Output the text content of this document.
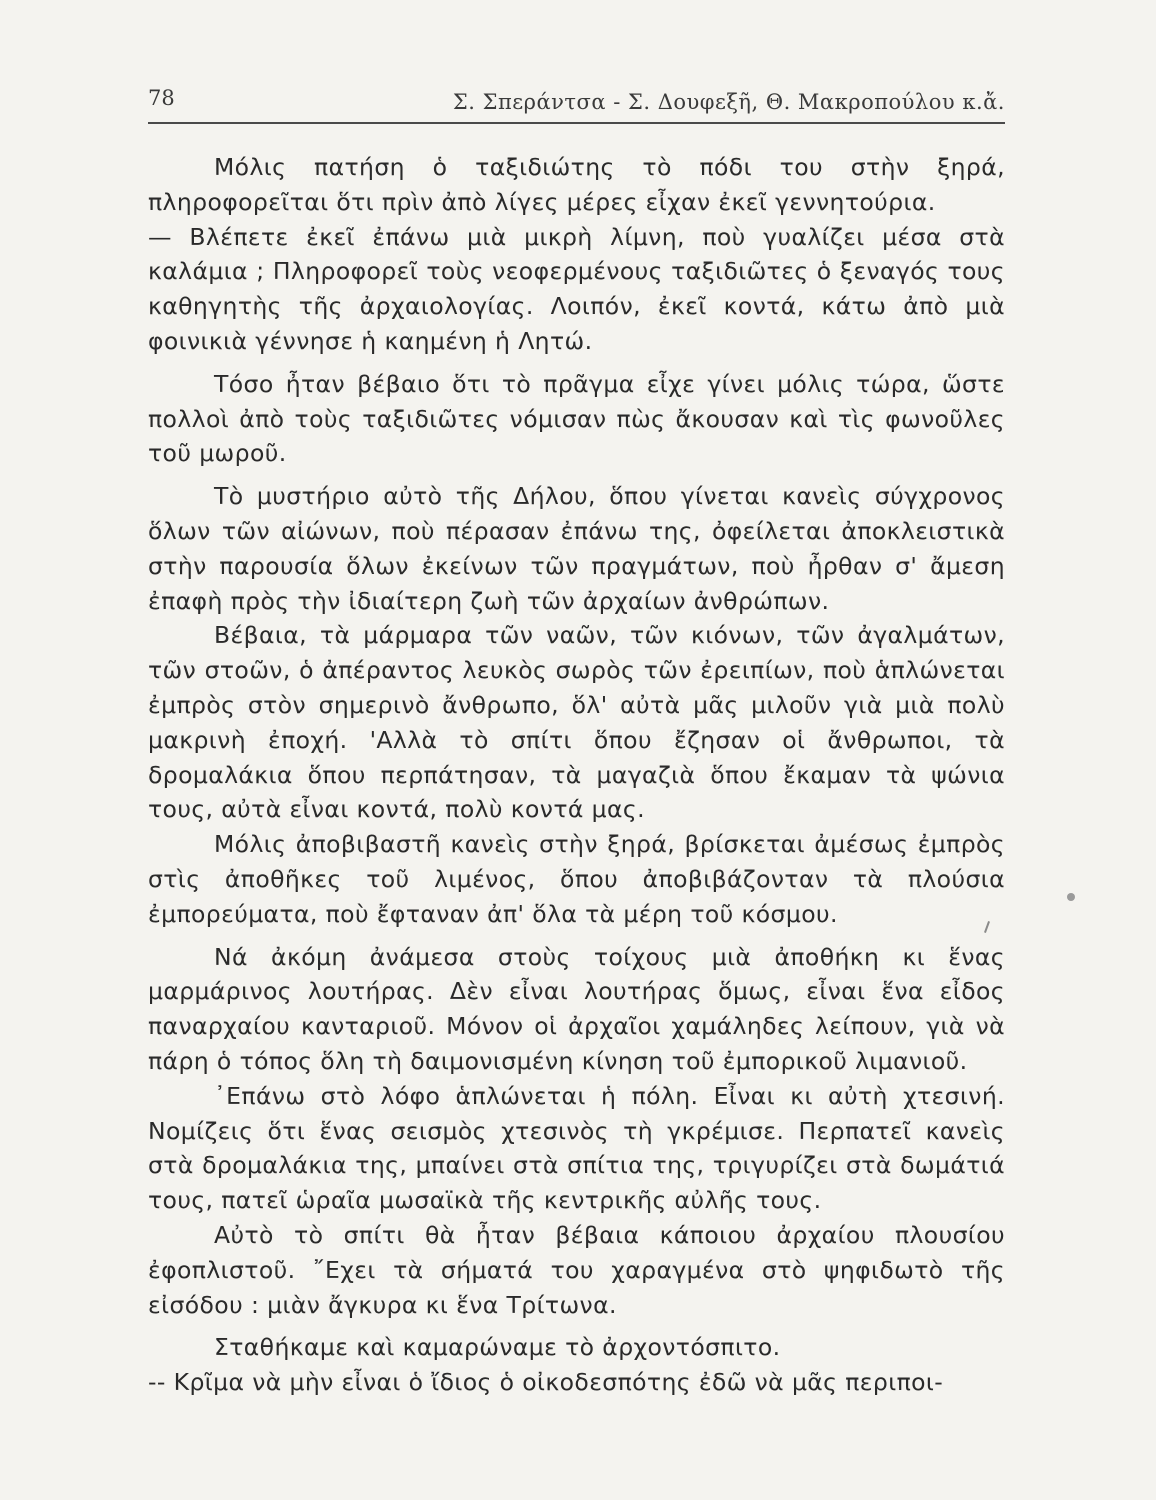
78	Σ. Σπεράντσα - Σ. Δουφεξῆ, Θ. Μακροπούλου κ.ἄ.

Μόλις πατήση ὁ ταξιδιώτης τὸ πόδι του στὴν ξηρά, πληροφορεῖται ὅτι πρὶν ἀπὸ λίγες μέρες εἶχαν ἐκεῖ γεννητούρια.

— Βλέπετε ἐκεῖ ἐπάνω μιὰ μικρὴ λίμνη, ποὺ γυαλίζει μέσα στὰ καλάμια ; Πληροφορεῖ τοὺς νεοφερμένους ταξιδιῶτες ὁ ξεναγός τους καθηγητὴς τῆς ἀρχαιολογίας. Λοιπόν, ἐκεῖ κοντά, κάτω ἀπὸ μιὰ φοινικιὰ γέννησε ἡ καημένη ἡ Λητώ.

Τόσο ἦταν βέβαιο ὅτι τὸ πρᾶγμα εἶχε γίνει μόλις τώρα, ὥστε πολλοὶ ἀπὸ τοὺς ταξιδιῶτες νόμισαν πὼς ἄκουσαν καὶ τὶς φωνοῦλες τοῦ μωροῦ.

Τὸ μυστήριο αὐτὸ τῆς Δήλου, ὅπου γίνεται κανεὶς σύγχρονος ὅλων τῶν αἰώνων, ποὺ πέρασαν ἐπάνω της, ὀφείλεται ἀποκλειστικὰ στὴν παρουσία ὅλων ἐκείνων τῶν πραγμάτων, ποὺ ἦρθαν σ' ἄμεση ἐπαφὴ πρὸς τὴν ἰδιαίτερη ζωὴ τῶν ἀρχαίων ἀνθρώπων.

Βέβαια, τὰ μάρμαρα τῶν ναῶν, τῶν κιόνων, τῶν ἀγαλμάτων, τῶν στοῶν, ὁ ἀπέραντος λευκὸς σωρὸς τῶν ἐρειπίων, ποὺ ἁπλώνεται ἐμπρὸς στὸν σημερινὸ ἄνθρωπο, ὅλ' αὐτὰ μᾶς μιλοῦν γιὰ μιὰ πολὺ μακρινὴ ἐποχή. 'Αλλὰ τὸ σπίτι ὅπου ἔζησαν οἱ ἄνθρωποι, τὰ δρομαλάκια ὅπου περπάτησαν, τὰ μαγαζιὰ ὅπου ἔκαμαν τὰ ψώνια τους, αὐτὰ εἶναι κοντά, πολὺ κοντά μας.

Μόλις ἀποβιβαστῆ κανεὶς στὴν ξηρά, βρίσκεται ἀμέσως ἐμπρὸς στὶς ἀποθῆκες τοῦ λιμένος, ὅπου ἀποβιβάζονταν τὰ πλούσια ἐμπορεύματα, ποὺ ἔφταναν ἀπ' ὅλα τὰ μέρη τοῦ κόσμου.

Νά ἀκόμη ἀνάμεσα στοὺς τοίχους μιὰ ἀποθήκη κι ἕνας μαρμάρινος λουτήρας. Δὲν εἶναι λουτήρας ὅμως, εἶναι ἕνα εἶδος παναρχαίου κανταριοῦ. Μόνον οἱ ἀρχαῖοι χαμάληδες λείπουν, γιὰ νὰ πάρη ὁ τόπος ὅλη τὴ δαιμονισμένη κίνηση τοῦ ἐμπορικοῦ λιμανιοῦ.

᾿Επάνω στὸ λόφο ἁπλώνεται ἡ πόλη. Εἶναι κι αὐτὴ χτεσινή. Νομίζεις ὅτι ἕνας σεισμὸς χτεσινὸς τὴ γκρέμισε. Περπατεῖ κανεὶς στὰ δρομαλάκια της, μπαίνει στὰ σπίτια της, τριγυρίζει στὰ δωμάτιά τους, πατεῖ ὡραῖα μωσαϊκὰ τῆς κεντρικῆς αὐλῆς τους.

Αὐτὸ τὸ σπίτι θὰ ἦταν βέβαια κάποιου ἀρχαίου πλουσίου ἐφοπλιστοῦ. ῎Εχει τὰ σήματά του χαραγμένα στὸ ψηφιδωτὸ τῆς εἰσόδου : μιὰν ἄγκυρα κι ἕνα Τρίτωνα.

Σταθήκαμε καὶ καμαρώναμε τὸ ἀρχοντόσπιτο.

-- Κρῖμα νὰ μὴν εἶναι ὁ ἴδιος ὁ οἰκοδεσπότης ἐδῶ νὰ μᾶς περιποι-
